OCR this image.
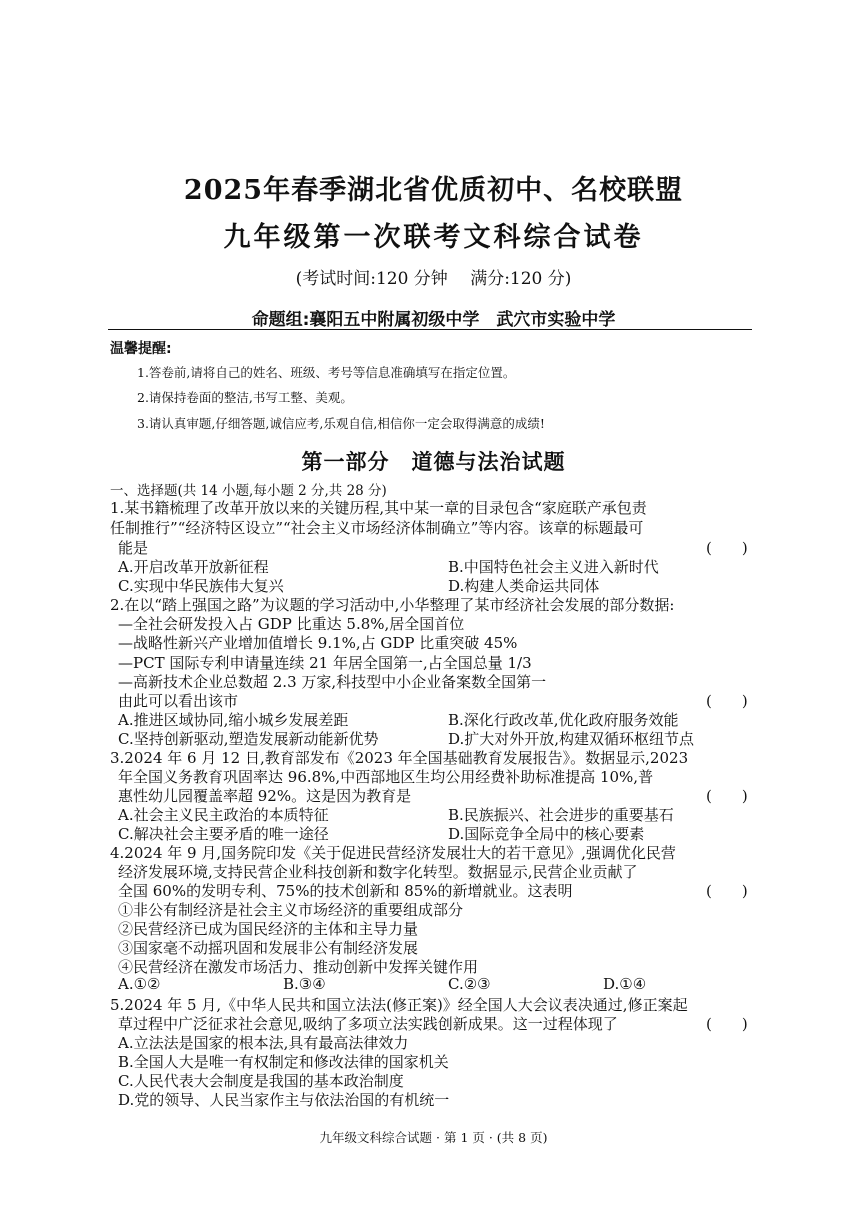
2025年春季湖北省优质初中、名校联盟
九年级第一次联考文科综合试卷
(考试时间:120 分钟　 满分:120 分)
命题组:襄阳五中附属初级中学　武穴市实验中学
温馨提醒:
1.答卷前,请将自己的姓名、班级、考号等信息准确填写在指定位置。
2.请保持卷面的整洁,书写工整、美观。
3.请认真审题,仔细答题,诚信应考,乐观自信,相信你一定会取得满意的成绩!
第一部分　道德与法治试题
一、选择题(共 14 小题,每小题 2 分,共 28 分)
1.某书籍梳理了改革开放以来的关键历程,其中某一章的目录包含“家庭联产承包责
任制推行”“经济特区设立”“社会主义市场经济体制确立”等内容。该章的标题最可
能是	(　　)
A.开启改革开放新征程	B.中国特色社会主义进入新时代
C.实现中华民族伟大复兴	D.构建人类命运共同体
2.在以“踏上强国之路”为议题的学习活动中,小华整理了某市经济社会发展的部分数据:
—全社会研发投入占 GDP 比重达 5.8%,居全国首位
—战略性新兴产业增加值增长 9.1%,占 GDP 比重突破 45%
—PCT 国际专利申请量连续 21 年居全国第一,占全国总量 1/3
—高新技术企业总数超 2.3 万家,科技型中小企业备案数全国第一
由此可以看出该市	(　　)
A.推进区域协同,缩小城乡发展差距	B.深化行政改革,优化政府服务效能
C.坚持创新驱动,塑造发展新动能新优势	D.扩大对外开放,构建双循环枢纽节点
3.2024 年 6 月 12 日,教育部发布《2023 年全国基础教育发展报告》。数据显示,2023
年全国义务教育巩固率达 96.8%,中西部地区生均公用经费补助标准提高 10%,普
惠性幼儿园覆盖率超 92%。这是因为教育是	(　　)
A.社会主义民主政治的本质特征	B.民族振兴、社会进步的重要基石
C.解决社会主要矛盾的唯一途径	D.国际竞争全局中的核心要素
4.2024 年 9 月,国务院印发《关于促进民营经济发展壮大的若干意见》,强调优化民营
经济发展环境,支持民营企业科技创新和数字化转型。数据显示,民营企业贡献了
全国 60%的发明专利、75%的技术创新和 85%的新增就业。这表明	(　　)
①非公有制经济是社会主义市场经济的重要组成部分
②民营经济已成为国民经济的主体和主导力量
③国家毫不动摇巩固和发展非公有制经济发展
④民营经济在激发市场活力、推动创新中发挥关键作用
A.①②	B.③④	C.②③	D.①④
5.2024 年 5 月,《中华人民共和国立法法(修正案)》经全国人大会议表决通过,修正案起
草过程中广泛征求社会意见,吸纳了多项立法实践创新成果。这一过程体现了	(　　)
A.立法法是国家的根本法,具有最高法律效力
B.全国人大是唯一有权制定和修改法律的国家机关
C.人民代表大会制度是我国的基本政治制度
D.党的领导、人民当家作主与依法治国的有机统一
九年级文科综合试题 · 第 1 页 · (共 8 页)
